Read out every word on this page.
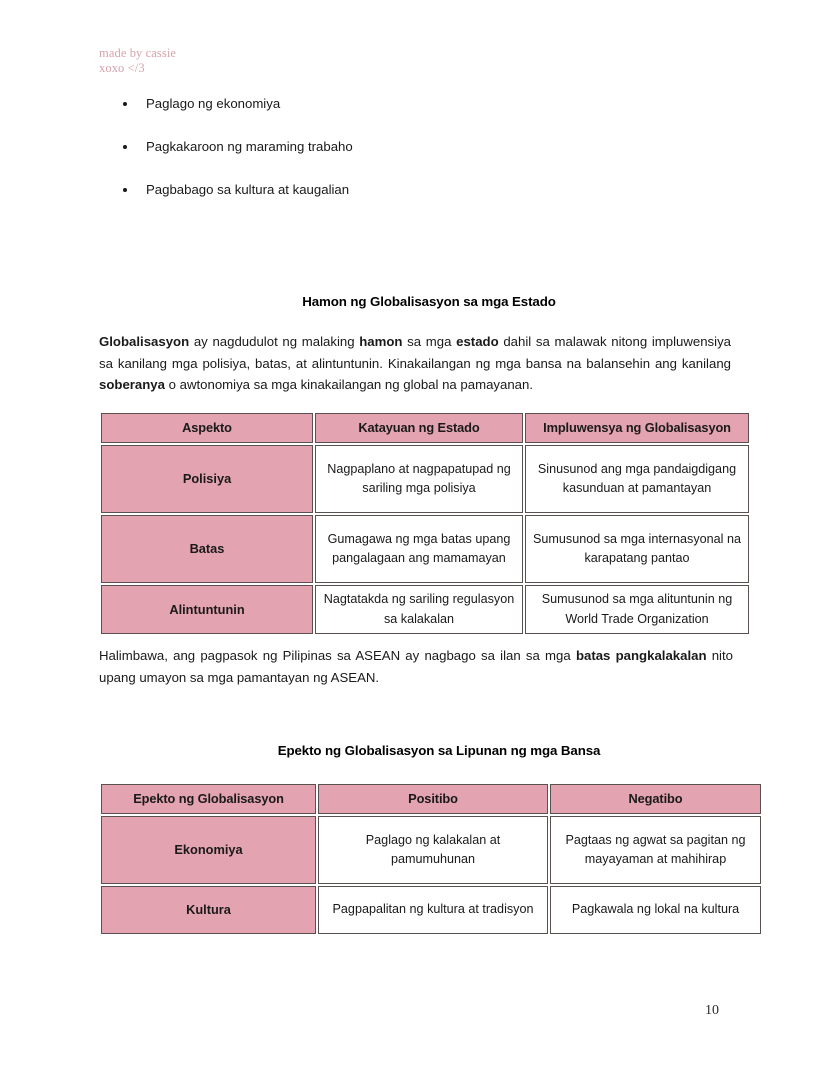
made by cassie
xoxo </3
Paglago ng ekonomiya
Pagkakaroon ng maraming trabaho
Pagbabago sa kultura at kaugalian
Hamon ng Globalisasyon sa mga Estado
Globalisasyon ay nagdudulot ng malaking hamon sa mga estado dahil sa malawak nitong impluwensiya sa kanilang mga polisiya, batas, at alintuntunin. Kinakailangan ng mga bansa na balansehin ang kanilang soberanya o awtonomiya sa mga kinakailangan ng global na pamayanan.
Aspekto	Katayuan ng Estado	Impluwensya ng Globalisasyon
Polisiya	Nagpaplano at nagpapatupad ng sariling mga polisiya	Sinusunod ang mga pandaigdigang kasunduan at pamantayan
Batas	Gumagawa ng mga batas upang pangalagaan ang mamamayan	Sumusunod sa mga internasyonal na karapatang pantao
Alintuntunin	Nagtatakda ng sariling regulasyon sa kalakalan	Sumusunod sa mga alituntunin ng World Trade Organization
Halimbawa, ang pagpasok ng Pilipinas sa ASEAN ay nagbago sa ilan sa mga batas pangkalakalan nito upang umayon sa mga pamantayan ng ASEAN.
Epekto ng Globalisasyon sa Lipunan ng mga Bansa
Epekto ng Globalisasyon	Positibo	Negatibo
Ekonomiya	Paglago ng kalakalan at pamumuhunan	Pagtaas ng agwat sa pagitan ng mayayaman at mahihirap
Kultura	Pagpapalitan ng kultura at tradisyon	Pagkawala ng lokal na kultura
10
